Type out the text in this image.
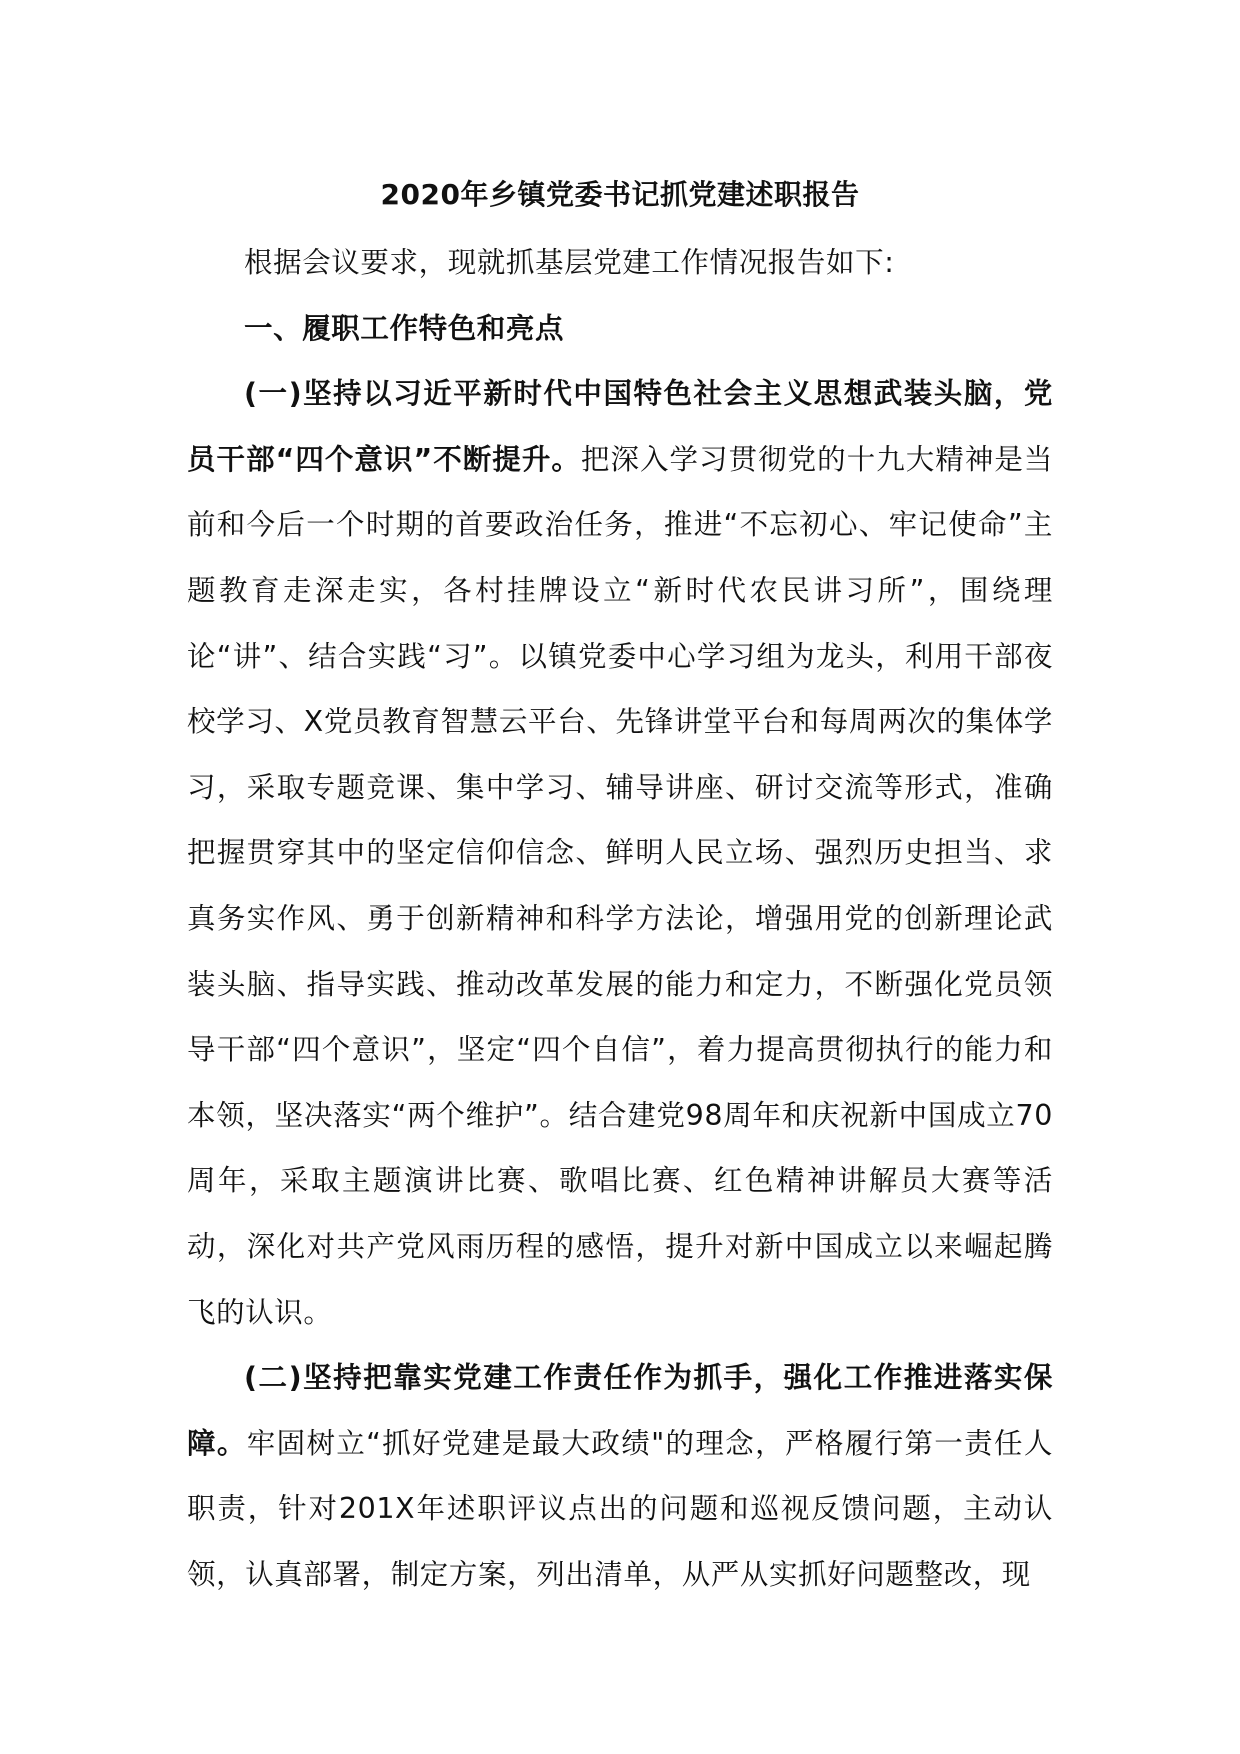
2020年乡镇党委书记抓党建述职报告

根据会议要求，现就抓基层党建工作情况报告如下:

一、履职工作特色和亮点

(一)坚持以习近平新时代中国特色社会主义思想武装头脑，党员干部“四个意识”不断提升。把深入学习贯彻党的十九大精神是当前和今后一个时期的首要政治任务，推进“不忘初心、牢记使命”主题教育走深走实，各村挂牌设立“新时代农民讲习所”，围绕理论“讲”、结合实践“习”。以镇党委中心学习组为龙头，利用干部夜校学习、X党员教育智慧云平台、先锋讲堂平台和每周两次的集体学习，采取专题竞课、集中学习、辅导讲座、研讨交流等形式，准确把握贯穿其中的坚定信仰信念、鲜明人民立场、强烈历史担当、求真务实作风、勇于创新精神和科学方法论，增强用党的创新理论武装头脑、指导实践、推动改革发展的能力和定力，不断强化党员领导干部“四个意识”，坚定“四个自信”，着力提高贯彻执行的能力和本领，坚决落实“两个维护”。结合建党98周年和庆祝新中国成立70周年，采取主题演讲比赛、歌唱比赛、红色精神讲解员大赛等活动，深化对共产党风雨历程的感悟，提升对新中国成立以来崛起腾飞的认识。

(二)坚持把靠实党建工作责任作为抓手，强化工作推进落实保障。牢固树立“抓好党建是最大政绩"的理念，严格履行第一责任人职责，针对201X年述职评议点出的问题和巡视反馈问题，主动认领，认真部署，制定方案，列出清单，从严从实抓好问题整改，现
